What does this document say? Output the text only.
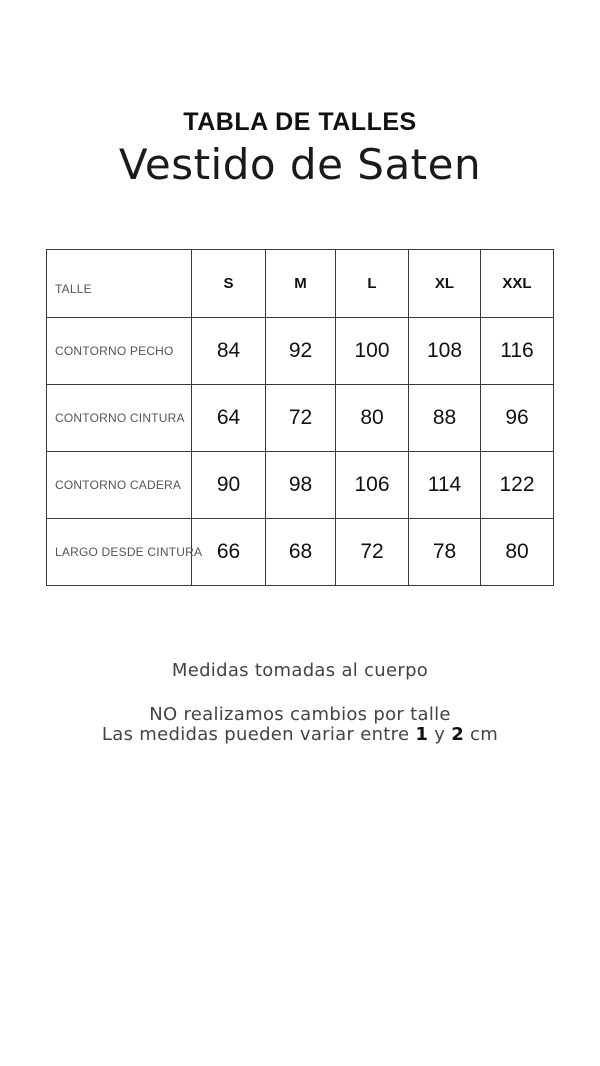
TABLA DE TALLES
Vestido de Saten
TALLE	S	M	L	XL	XXL
CONTORNO PECHO	84	92	100	108	116
CONTORNO CINTURA	64	72	80	88	96
CONTORNO CADERA	90	98	106	114	122
LARGO DESDE CINTURA	66	68	72	78	80
Medidas tomadas al cuerpo
NO realizamos cambios por talle
Las medidas pueden variar entre 1 y 2 cm
